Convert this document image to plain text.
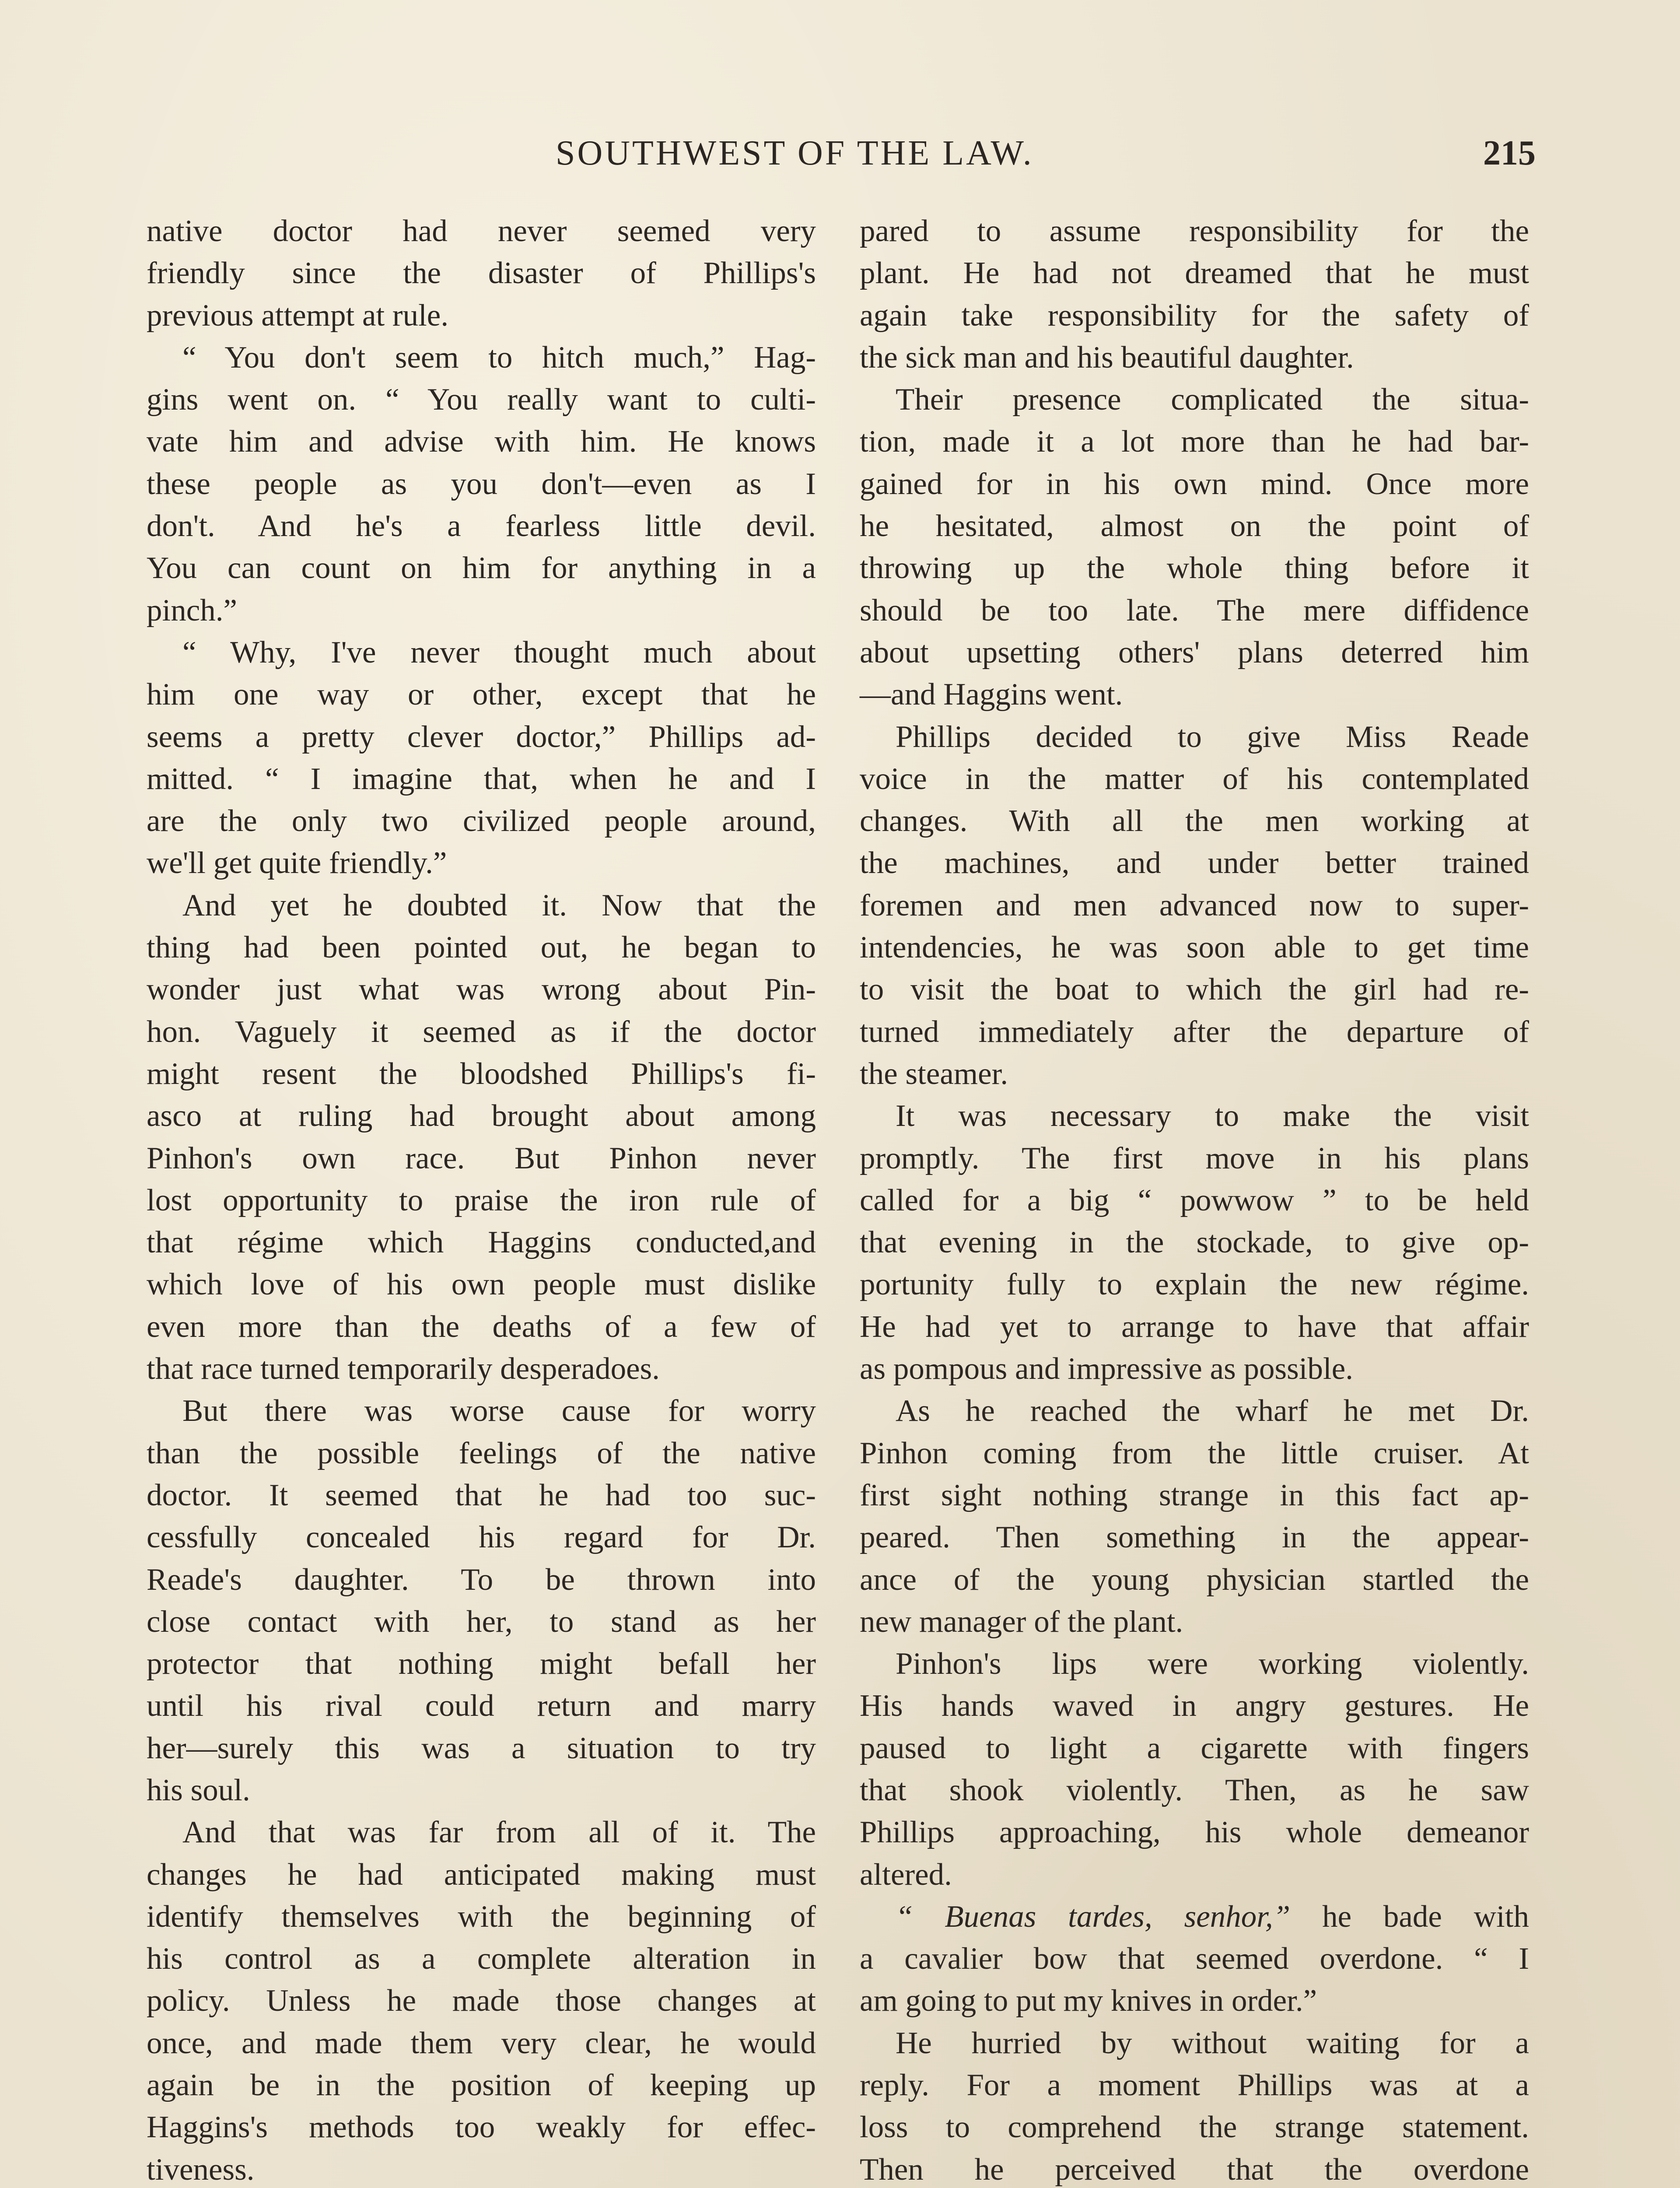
SOUTHWEST OF THE LAW.	215
native doctor had never seemed very
friendly since the disaster of Phillips's
previous attempt at rule.
“ You don't seem to hitch much,” Hag-
gins went on. “ You really want to culti-
vate him and advise with him. He knows
these people as you don't—even as I
don't. And he's a fearless little devil.
You can count on him for anything in a
pinch.”
“ Why, I've never thought much about
him one way or other, except that he
seems a pretty clever doctor,” Phillips ad-
mitted. “ I imagine that, when he and I
are the only two civilized people around,
we'll get quite friendly.”
And yet he doubted it. Now that the
thing had been pointed out, he began to
wonder just what was wrong about Pin-
hon. Vaguely it seemed as if the doctor
might resent the bloodshed Phillips's fi-
asco at ruling had brought about among
Pinhon's own race. But Pinhon never
lost opportunity to praise the iron rule of
that régime which Haggins conducted,and
which love of his own people must dislike
even more than the deaths of a few of
that race turned temporarily desperadoes.
But there was worse cause for worry
than the possible feelings of the native
doctor. It seemed that he had too suc-
cessfully concealed his regard for Dr.
Reade's daughter. To be thrown into
close contact with her, to stand as her
protector that nothing might befall her
until his rival could return and marry
her—surely this was a situation to try
his soul.
And that was far from all of it. The
changes he had anticipated making must
identify themselves with the beginning of
his control as a complete alteration in
policy. Unless he made those changes at
once, and made them very clear, he would
again be in the position of keeping up
Haggins's methods too weakly for effec-
tiveness.
pared to assume responsibility for the
plant. He had not dreamed that he must
again take responsibility for the safety of
the sick man and his beautiful daughter.
Their presence complicated the situa-
tion, made it a lot more than he had bar-
gained for in his own mind. Once more
he hesitated, almost on the point of
throwing up the whole thing before it
should be too late. The mere diffidence
about upsetting others' plans deterred him
—and Haggins went.
Phillips decided to give Miss Reade
voice in the matter of his contemplated
changes. With all the men working at
the machines, and under better trained
foremen and men advanced now to super-
intendencies, he was soon able to get time
to visit the boat to which the girl had re-
turned immediately after the departure of
the steamer.
It was necessary to make the visit
promptly. The first move in his plans
called for a big “ powwow ” to be held
that evening in the stockade, to give op-
portunity fully to explain the new régime.
He had yet to arrange to have that affair
as pompous and impressive as possible.
As he reached the wharf he met Dr.
Pinhon coming from the little cruiser. At
first sight nothing strange in this fact ap-
peared. Then something in the appear-
ance of the young physician startled the
new manager of the plant.
Pinhon's lips were working violently.
His hands waved in angry gestures. He
paused to light a cigarette with fingers
that shook violently. Then, as he saw
Phillips approaching, his whole demeanor
altered.
“ Buenas tardes, senhor,” he bade with
a cavalier bow that seemed overdone. “ I
am going to put my knives in order.”
He hurried by without waiting for a
reply. For a moment Phillips was at a
loss to comprehend the strange statement.
Then he perceived that the overdone
